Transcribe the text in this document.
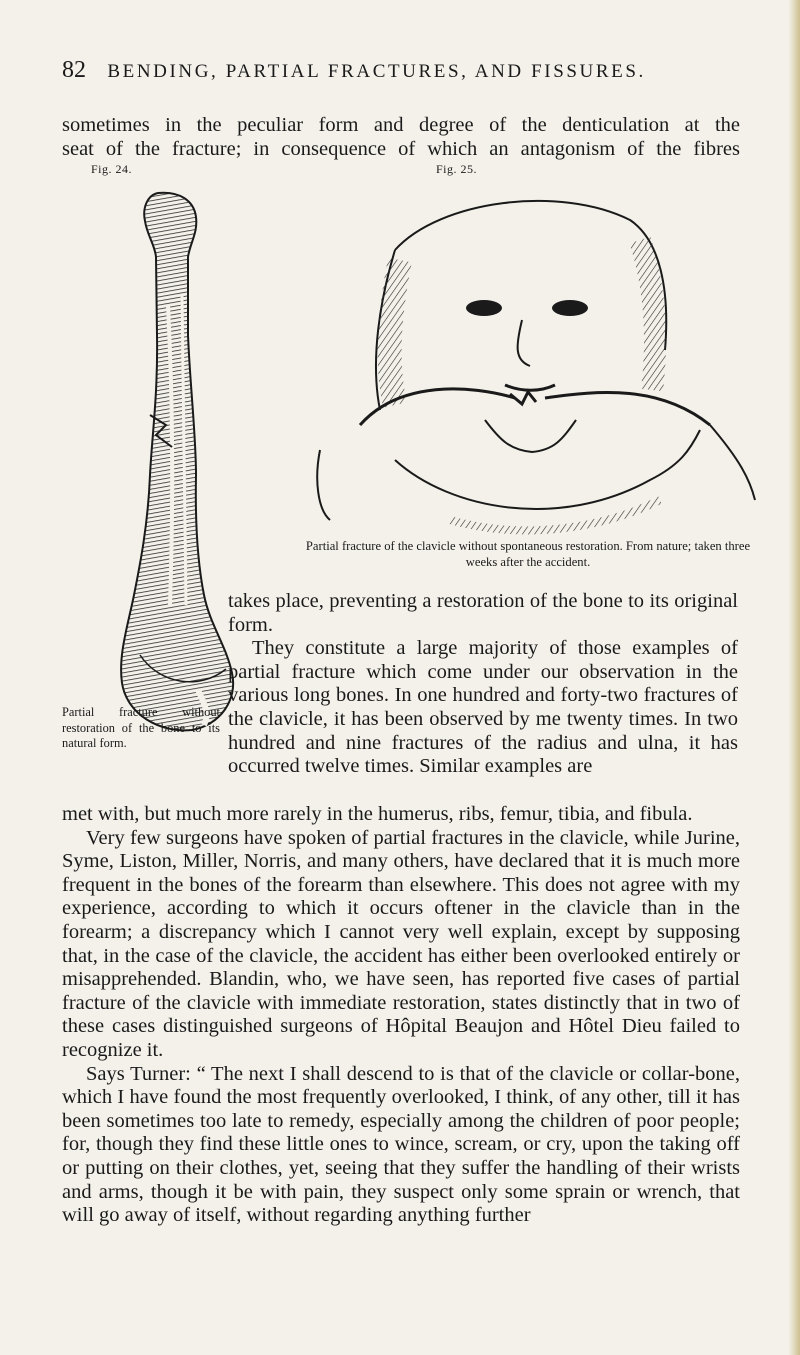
82 BENDING, PARTIAL FRACTURES, AND FISSURES.

sometimes in the peculiar form and degree of the denticulation at the

seat of the fracture; in consequence of which an antagonism of the fibres

Fig. 24.	Fig. 25.
Partial fracture of the clavicle without spontaneous restoration. From nature; taken three weeks after the accident.

takes place, preventing a restoration of the bone to its original form.

They constitute a large majority of those examples of partial fracture which come under our observation in the various long bones. In one hundred and forty-two fractures of the clavicle, it has been observed by me twenty times. In two hundred and nine fractures of the radius and ulna, it has occurred twelve times. Similar examples are

Partial fracture without restoration of the bone to its natural form.

met with, but much more rarely in the humerus, ribs, femur, tibia, and fibula.

Very few surgeons have spoken of partial fractures in the clavicle, while Jurine, Syme, Liston, Miller, Norris, and many others, have declared that it is much more frequent in the bones of the forearm than elsewhere. This does not agree with my experience, according to which it occurs oftener in the clavicle than in the forearm; a discrepancy which I cannot very well explain, except by supposing that, in the case of the clavicle, the accident has either been overlooked entirely or misapprehended. Blandin, who, we have seen, has reported five cases of partial fracture of the clavicle with immediate restoration, states distinctly that in two of these cases distinguished surgeons of Hôpital Beaujon and Hôtel Dieu failed to recognize it.

Says Turner: “ The next I shall descend to is that of the clavicle or collar-bone, which I have found the most frequently overlooked, I think, of any other, till it has been sometimes too late to remedy, especially among the children of poor people; for, though they find these little ones to wince, scream, or cry, upon the taking off or putting on their clothes, yet, seeing that they suffer the handling of their wrists and arms, though it be with pain, they suspect only some sprain or wrench, that will go away of itself, without regarding anything further
